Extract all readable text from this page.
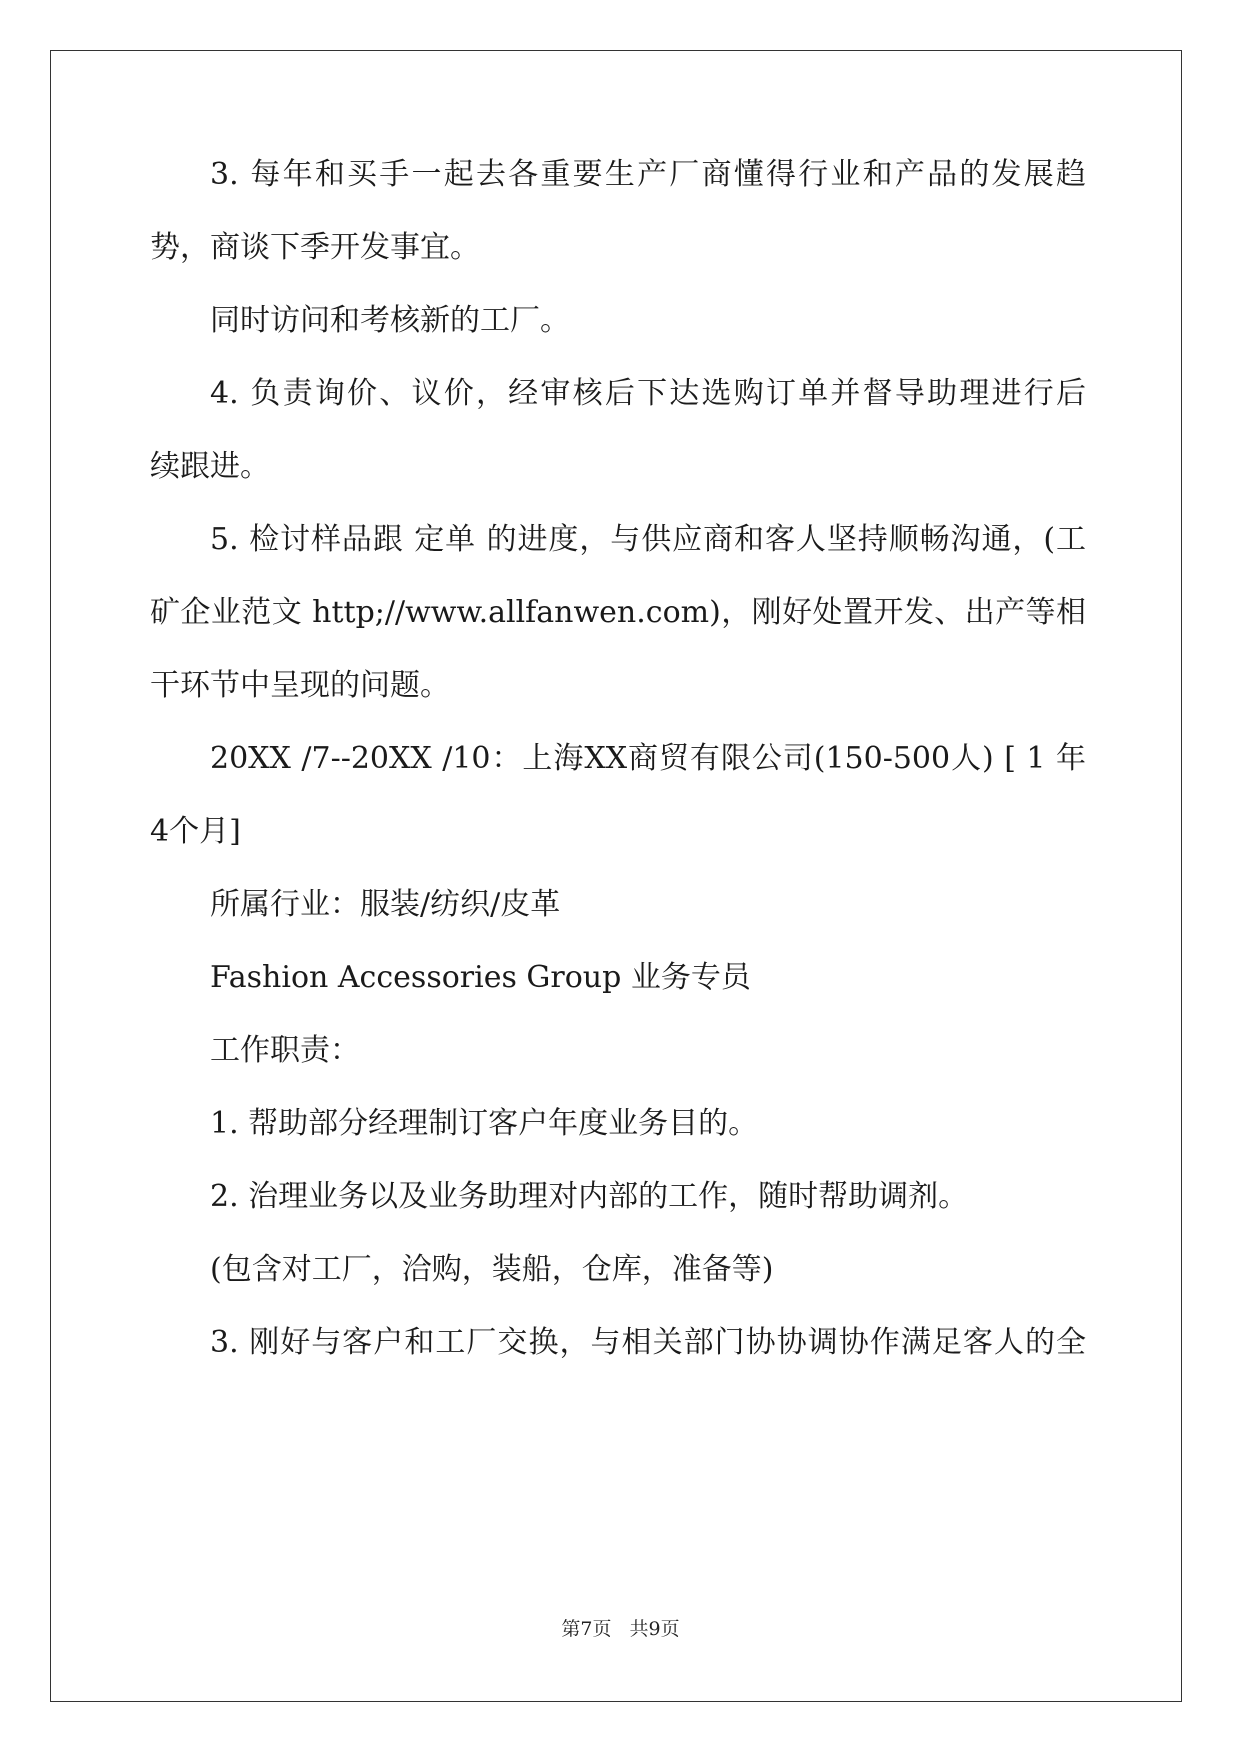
3. 每年和买手一起去各重要生产厂商懂得行业和产品的发展趋
势，商谈下季开发事宜。
同时访问和考核新的工厂。
4. 负责询价、议价，经审核后下达选购订单并督导助理进行后
续跟进。
5. 检讨样品跟 定单 的进度，与供应商和客人坚持顺畅沟通，(工
矿企业范文 http;//www.allfanwen.com)，刚好处置开发、出产等相
干环节中呈现的问题。
20XX /7--20XX /10：上海XX商贸有限公司(150-500人) [ 1 年
4个月]
所属行业：服装/纺织/皮革
Fashion Accessories Group 业务专员
工作职责：
1. 帮助部分经理制订客户年度业务目的。
2. 治理业务以及业务助理对内部的工作，随时帮助调剂。
(包含对工厂，洽购，装船，仓库，准备等)
3. 刚好与客户和工厂交换，与相关部门协协调协作满足客人的全
第7页 共9页
